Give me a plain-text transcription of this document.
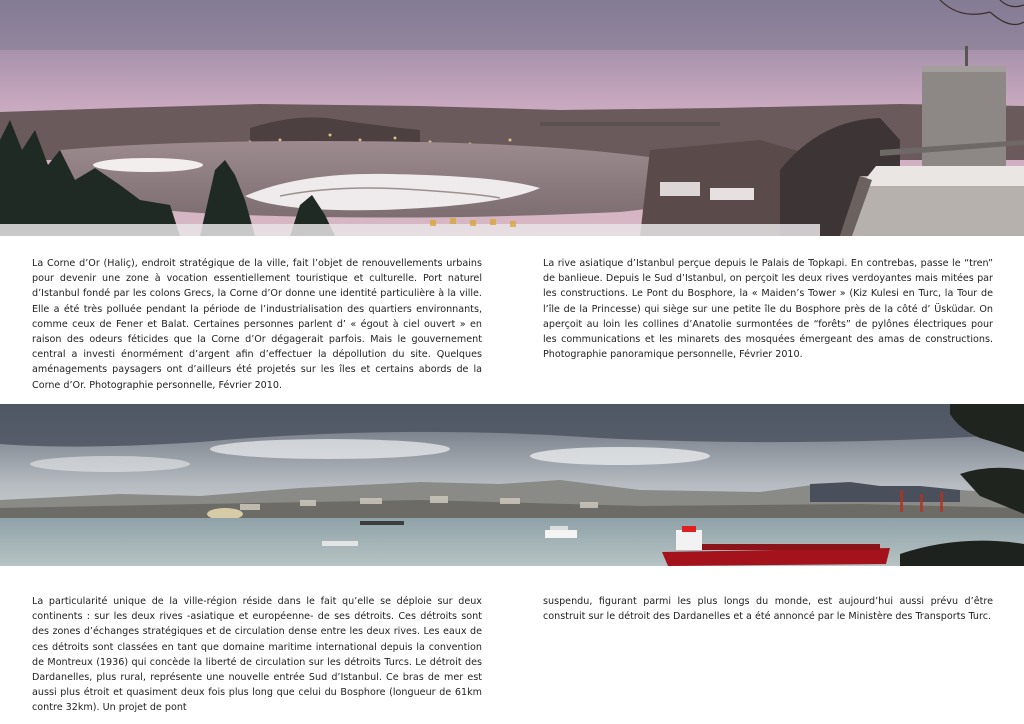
La Corne d’Or (Haliç), endroit stratégique de la ville, fait l’objet de renouvellements urbains pour devenir une zone à vocation essentiellement touristique et culturelle. Port naturel d’Istanbul fondé par les colons Grecs, la Corne d’Or donne une identité particulière à la ville. Elle a été très polluée pendant la période de l’industrialisation des quartiers environnants, comme ceux de Fener et Balat. Certaines personnes parlent d’ « égout à ciel ouvert » en raison des odeurs féticides que la Corne d’Or dégagerait parfois. Mais le gouvernement central a investi énormément d’argent afin d’effectuer la dépollution du site. Quelques aménagements paysagers ont d’ailleurs été projetés sur les îles et certains abords de la Corne d’Or. Photographie personnelle, Février 2010.

La rive asiatique d’Istanbul perçue depuis le Palais de Topkapi. En contrebas, passe le “tren” de banlieue. Depuis le Sud d’Istanbul, on perçoit les deux rives verdoyantes mais mitées par les constructions. Le Pont du Bosphore, la « Maiden’s Tower » (Kiz Kulesi en Turc, la Tour de l’île de la Princesse) qui siège sur une petite île du Bosphore près de la côté d’ Üsküdar. On aperçoit au loin les collines d’Anatolie surmontées de “forêts” de pylônes électriques pour les communications et les minarets des mosquées émergeant des amas de constructions. Photographie panoramique personnelle, Février 2010.

La particularité unique de la ville-région réside dans le fait qu’elle se déploie sur deux continents : sur les deux rives -asiatique et européenne- de ses détroits. Ces détroits sont des zones d’échanges stratégiques et de circulation dense entre les deux rives. Les eaux de ces détroits sont classées en tant que domaine maritime international depuis la convention de Montreux (1936) qui concède la liberté de circulation sur les détroits Turcs. Le détroit des Dardanelles, plus rural, représente une nouvelle entrée Sud d’Istanbul. Ce bras de mer est aussi plus étroit et quasiment deux fois plus long que celui du Bosphore (longueur de 61km contre 32km). Un projet de pont

suspendu, figurant parmi les plus longs du monde, est aujourd’hui aussi prévu d’être construit sur le détroit des Dardanelles et a été annoncé par le Ministère des Transports Turc.
